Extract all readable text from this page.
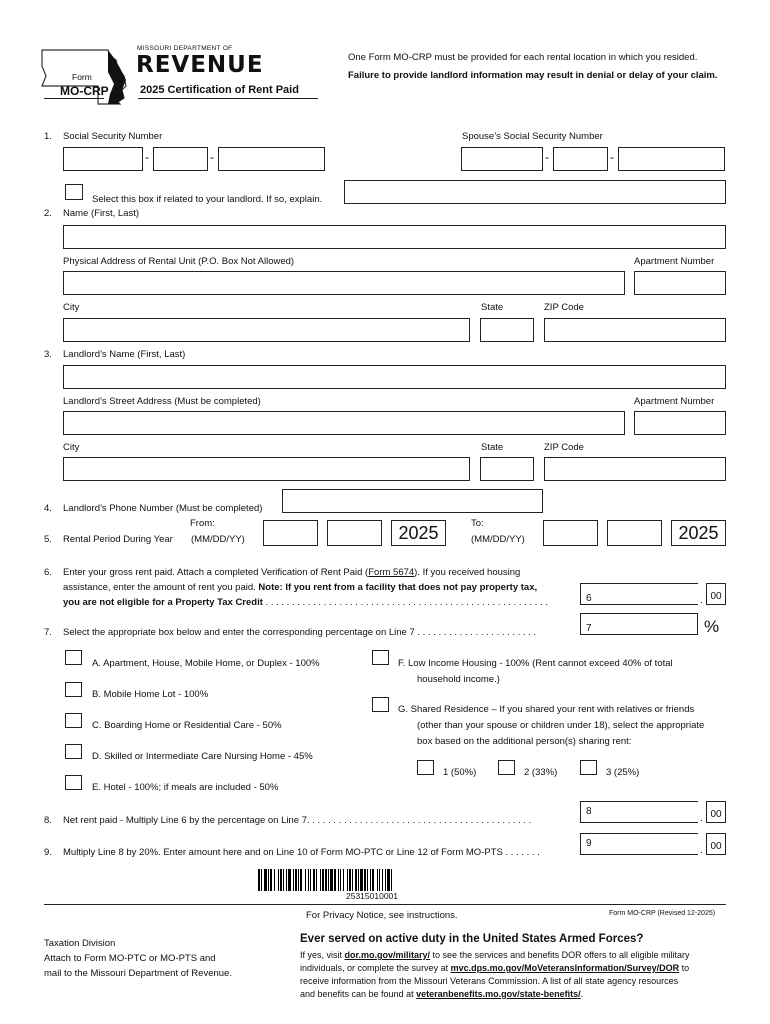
Form
MO-CRP
MISSOURI DEPARTMENT OF
REVENUE
2025 Certification of Rent Paid
One Form MO-CRP must be provided for each rental location in which you resided.
Failure to provide landlord information may result in denial or delay of your claim.
1. Social Security Number	Spouse’s Social Security Number
-	-	-	-
Select this box if related to your landlord. If so, explain.
2. Name (First, Last)
Physical Address of Rental Unit (P.O. Box Not Allowed)	Apartment Number
City	State	ZIP Code
3. Landlord’s Name (First, Last)
Landlord’s Street Address (Must be completed)	Apartment Number
City	State	ZIP Code
4. Landlord’s Phone Number (Must be completed)
5. Rental Period During Year
From:
(MM/DD/YY)	2025	To:
(MM/DD/YY)	2025
6. Enter your gross rent paid. Attach a completed Verification of Rent Paid (Form 5674). If you received housing
assistance, enter the amount of rent you paid. Note: If you rent from a facility that does not pay property tax,
you are not eligible for a Property Tax Credit . . . . . . . . . . . . . . . . . . . . . . . . . . . . . . . . . . . . . . . . . . . . . . . . . . . . . .	6	. 00
7. Select the appropriate box below and enter the corresponding percentage on Line 7 . . . . . . . . . . . . . . . . . . . . . . .	7	%
A. Apartment, House, Mobile Home, or Duplex - 100%
B. Mobile Home Lot - 100%
C. Boarding Home or Residential Care - 50%
D. Skilled or Intermediate Care Nursing Home - 45%
E. Hotel - 100%; if meals are included - 50%
F. Low Income Housing - 100% (Rent cannot exceed 40% of total
household income.)
G. Shared Residence – If you shared your rent with relatives or friends
(other than your spouse or children under 18), select the appropriate
box based on the additional person(s) sharing rent:
1 (50%)	2 (33%)	3 (25%)
8. Net rent paid - Multiply Line 6 by the percentage on Line 7. . . . . . . . . . . . . . . . . . . . . . . . . . . . . . . . . . . . . . . . . . .
8
. 00
9. Multiply Line 8 by 20%. Enter amount here and on Line 10 of Form MO-PTC or Line 12 of Form MO-PTS . . . . . . .
9
. 00
25315010001
For Privacy Notice, see instructions.	Form MO-CRP (Revised 12-2025)
Taxation Division
Attach to Form MO-PTC or MO-PTS and
mail to the Missouri Department of Revenue.
Ever served on active duty in the United States Armed Forces?
If yes, visit dor.mo.gov/military/ to see the services and benefits DOR offers to all eligible military
individuals, or complete the survey at mvc.dps.mo.gov/MoVeteransInformation/Survey/DOR to
receive information from the Missouri Veterans Commission. A list of all state agency resources
and benefits can be found at veteranbenefits.mo.gov/state-benefits/.
